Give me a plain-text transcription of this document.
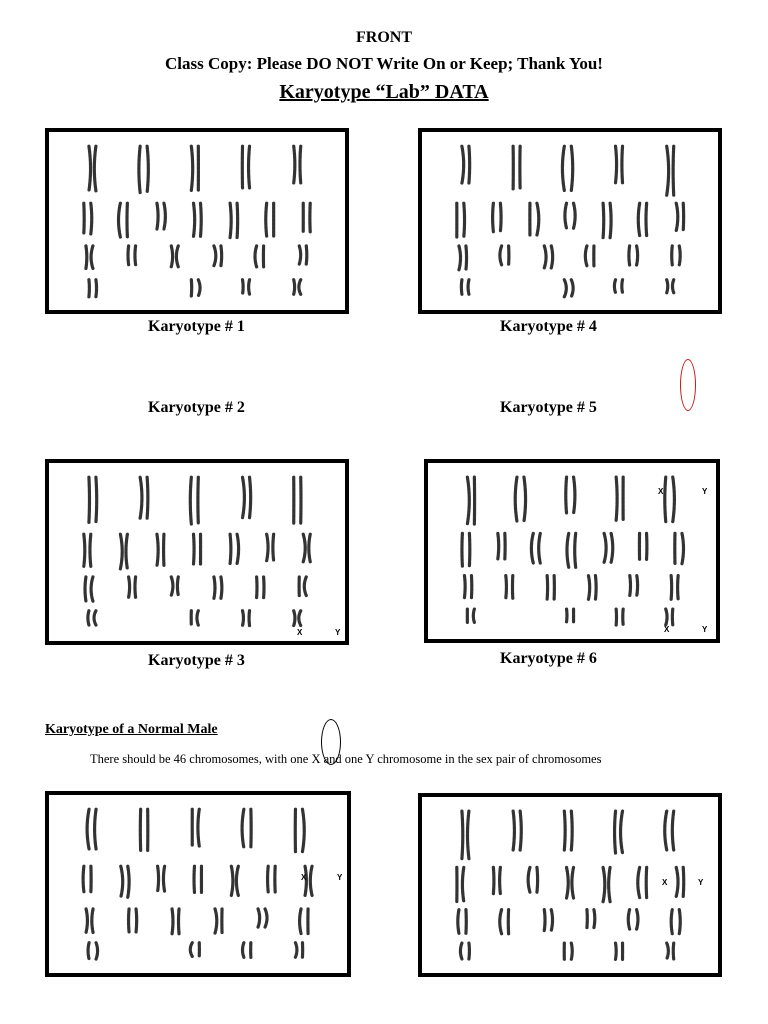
FRONT
Class Copy: Please DO NOT Write On or Keep; Thank You!
Karyotype “Lab” DATA
X	Y
X	Y
X	Y
X	Y
X	Y
Karyotype # 1	Karyotype # 4
Karyotype # 2	Karyotype # 5
Karyotype # 3	Karyotype # 6
Karyotype of a Normal Male
There should be 46 chromosomes, with one X and one Y chromosome in the sex pair of chromosomes
